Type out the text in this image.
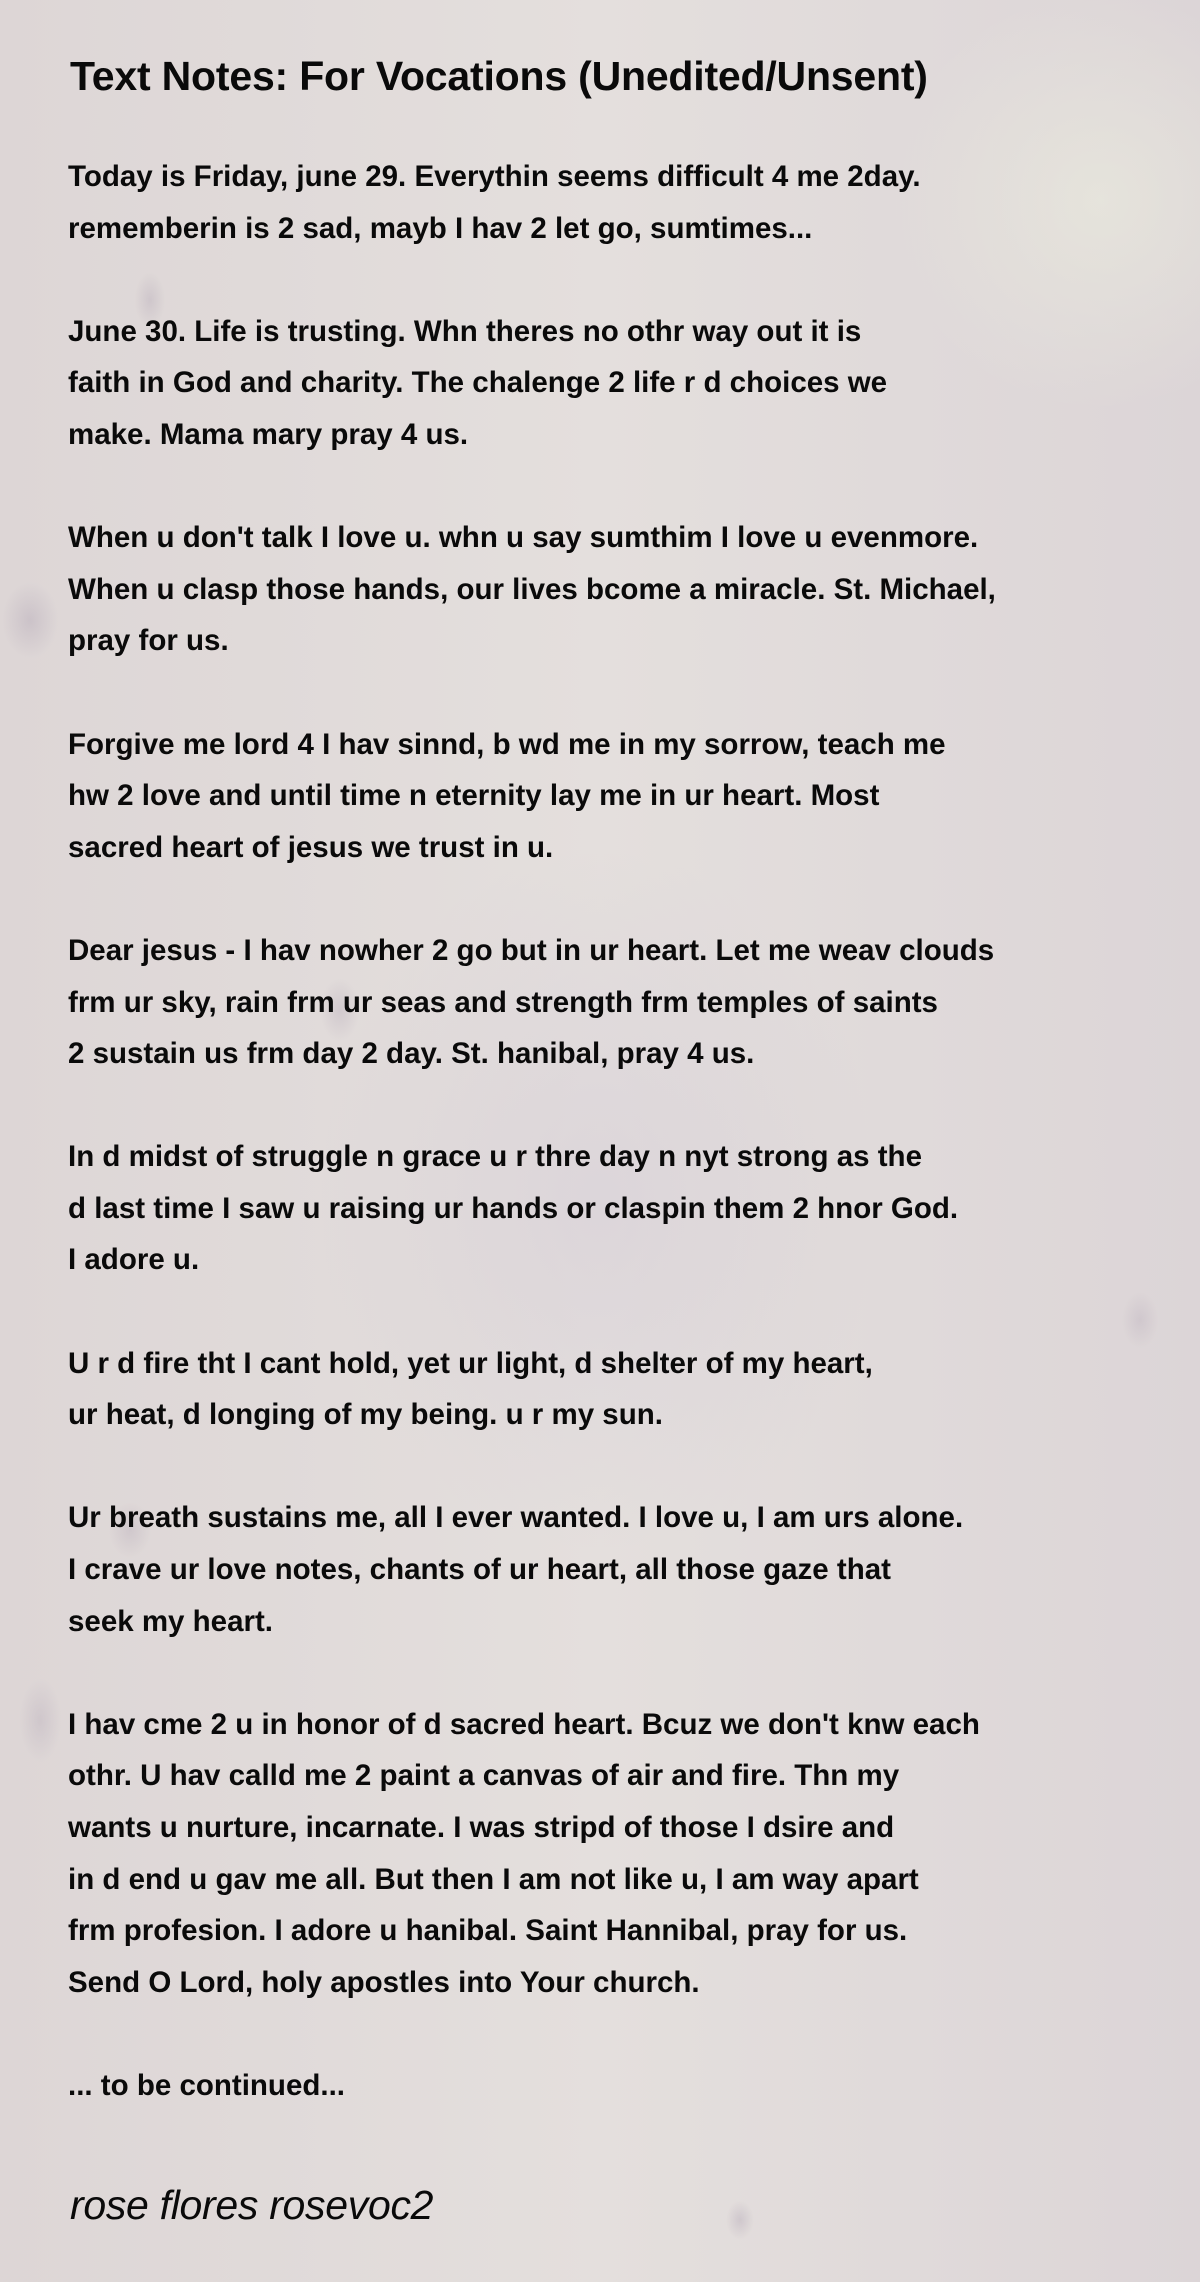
Text Notes: For Vocations (Unedited/Unsent)

Today is Friday, june 29. Everythin seems difficult 4 me 2day.
rememberin is 2 sad, mayb I hav 2 let go, sumtimes...

June 30. Life is trusting. Whn theres no othr way out it is
faith in God and charity. The chalenge 2 life r d choices we
make. Mama mary pray 4 us.

When u don't talk I love u. whn u say sumthim I love u evenmore.
When u clasp those hands, our lives bcome a miracle. St. Michael,
pray for us.

Forgive me lord 4 I hav sinnd, b wd me in my sorrow, teach me
hw 2 love and until time n eternity lay me in ur heart. Most
sacred heart of jesus we trust in u.

Dear jesus - I hav nowher 2 go but in ur heart. Let me weav clouds
frm ur sky, rain frm ur seas and strength frm temples of saints
2 sustain us frm day 2 day. St. hanibal, pray 4 us.

In d midst of struggle n grace u r thre day n nyt strong as the
d last time I saw u raising ur hands or claspin them 2 hnor God.
I adore u.

U r d fire tht I cant hold, yet ur light, d shelter of my heart,
ur heat, d longing of my being. u r my sun.

Ur breath sustains me, all I ever wanted. I love u, I am urs alone.
I crave ur love notes, chants of ur heart, all those gaze that
seek my heart.

I hav cme 2 u in honor of d sacred heart. Bcuz we don't knw each
othr. U hav calld me 2 paint a canvas of air and fire. Thn my
wants u nurture, incarnate. I was stripd of those I dsire and
in d end u gav me all. But then I am not like u, I am way apart
frm profesion. I adore u hanibal. Saint Hannibal, pray for us.
Send O Lord, holy apostles into Your church.

... to be continued...

rose flores rosevoc2
